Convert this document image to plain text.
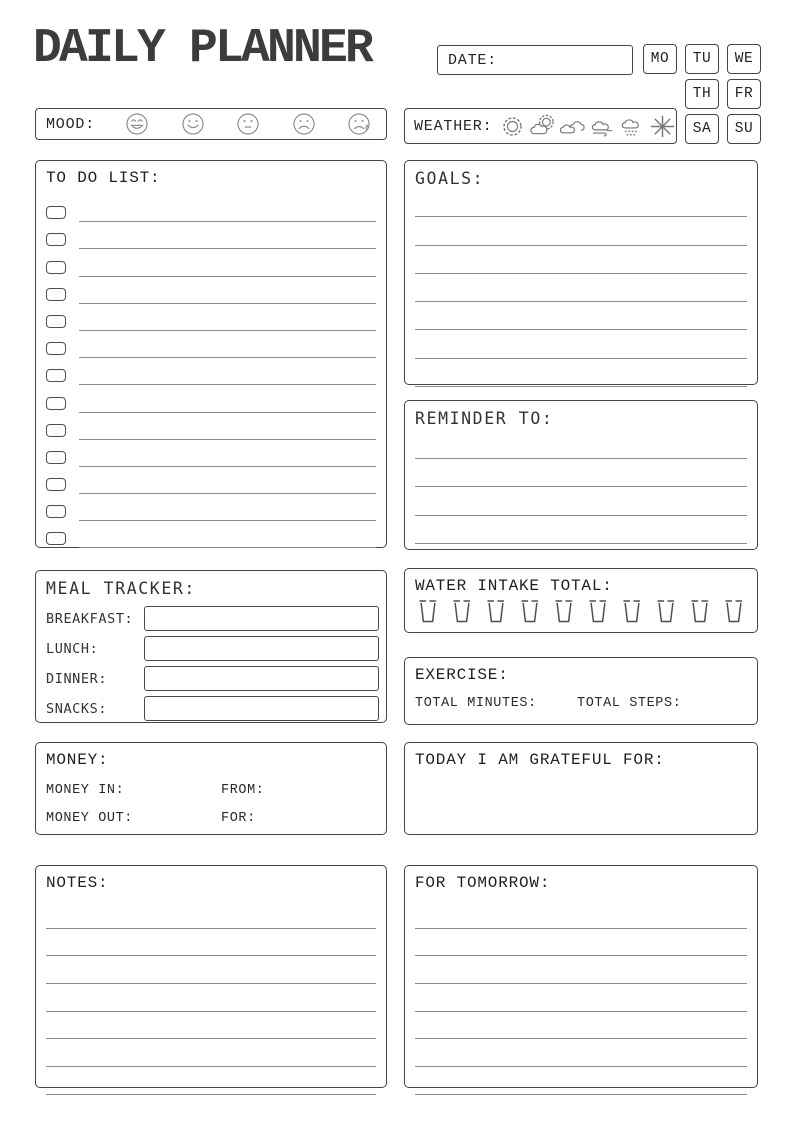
DAILY PLANNER	DATE:	MO TU WE
TH FR
SA SU
MOOD:	WEATHER:
TO DO LIST:	GOALS:
REMINDER TO:
MEAL TRACKER:
BREAKFAST:
LUNCH:
DINNER:
SNACKS:
WATER INTAKE TOTAL:
EXERCISE:
TOTAL MINUTES:	TOTAL STEPS:
MONEY:
MONEY IN:	FROM:
MONEY OUT:	FOR:
TODAY I AM GRATEFUL FOR:
NOTES:	FOR TOMORROW:
